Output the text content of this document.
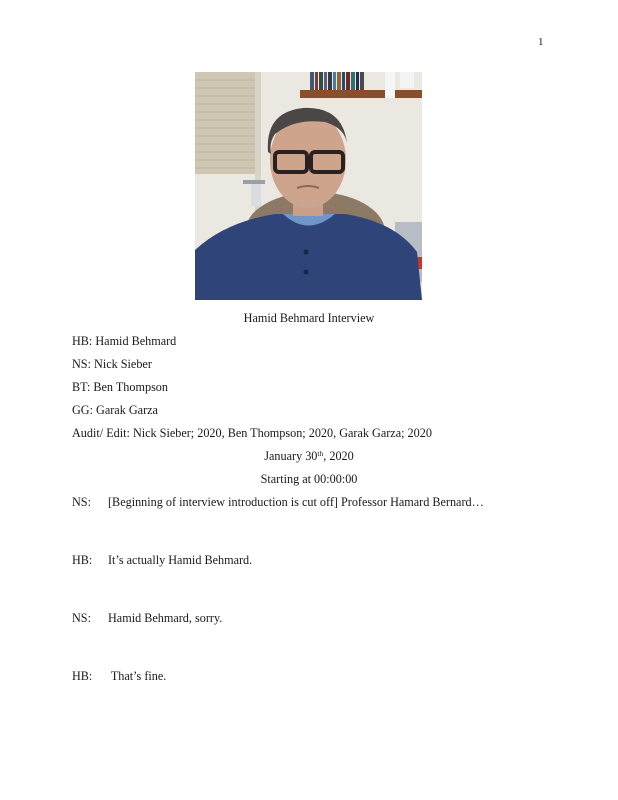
1
Hamid Behmard Interview
HB: Hamid Behmard
NS: Nick Sieber
BT: Ben Thompson
GG: Garak Garza
Audit/ Edit: Nick Sieber; 2020, Ben Thompson; 2020, Garak Garza; 2020
January 30th, 2020
Starting at 00:00:00
NS: [Beginning of interview introduction is cut off] Professor Hamard Bernard…
HB: It’s actually Hamid Behmard.
NS: Hamid Behmard, sorry.
HB: That’s fine.
